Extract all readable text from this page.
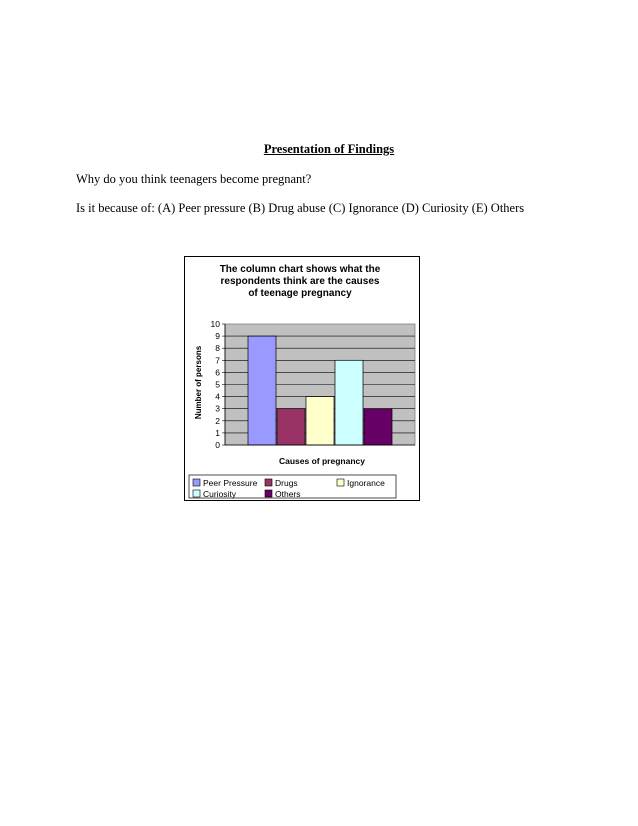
Presentation of Findings
Why do you think teenagers become pregnant?
Is it because of: (A) Peer pressure (B) Drug abuse (C) Ignorance (D) Curiosity (E) Others
The column chart shows what the
respondents think are the causes
of teenage pregnancy
0
1
2
3
4
5
6
7
8
9
10
Number of persons
Causes of pregnancy
Peer Pressure Drugs	Ignorance
Curiosity	Others
